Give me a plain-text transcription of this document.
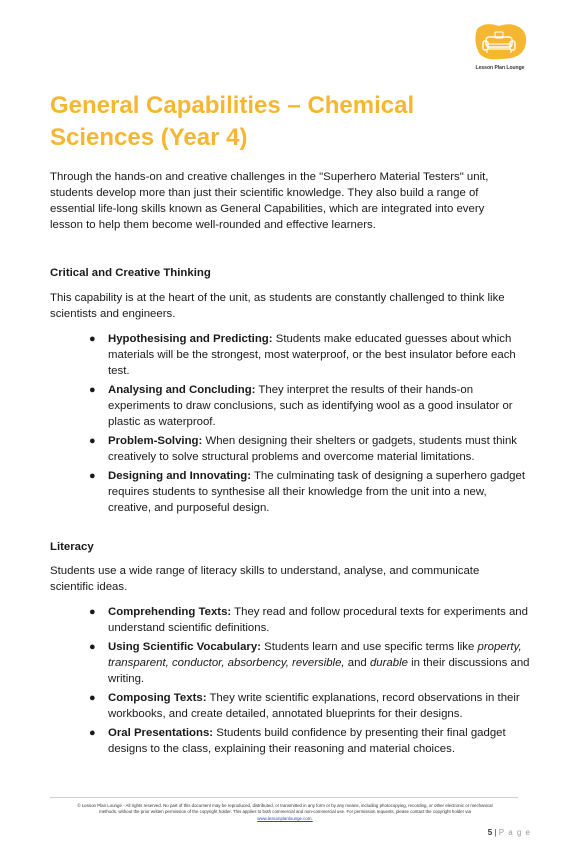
Lesson Plan Lounge
General Capabilities – Chemical Sciences (Year 4)

Through the hands-on and creative challenges in the "Superhero Material Testers" unit, students develop more than just their scientific knowledge. They also build a range of essential life-long skills known as General Capabilities, which are integrated into every lesson to help them become well-rounded and effective learners.

Critical and Creative Thinking

This capability is at the heart of the unit, as students are constantly challenged to think like scientists and engineers.

● Hypothesising and Predicting: Students make educated guesses about which materials will be the strongest, most waterproof, or the best insulator before each test.
● Analysing and Concluding: They interpret the results of their hands-on experiments to draw conclusions, such as identifying wool as a good insulator or plastic as waterproof.
● Problem-Solving: When designing their shelters or gadgets, students must think creatively to solve structural problems and overcome material limitations.
● Designing and Innovating: The culminating task of designing a superhero gadget requires students to synthesise all their knowledge from the unit into a new, creative, and purposeful design.
Literacy

Students use a wide range of literacy skills to understand, analyse, and communicate scientific ideas.

● Comprehending Texts: They read and follow procedural texts for experiments and understand scientific definitions.
● Using Scientific Vocabulary: Students learn and use specific terms like property, transparent, conductor, absorbency, reversible, and durable in their discussions and writing.
● Composing Texts: They write scientific explanations, record observations in their workbooks, and create detailed, annotated blueprints for their designs.
● Oral Presentations: Students build confidence by presenting their final gadget designs to the class, explaining their reasoning and material choices.

© Lesson Plan Lounge - All rights reserved. No part of this document may be reproduced, distributed, or transmitted in any form or by any means, including photocopying, recording, or other electronic or mechanical methods, without the prior written permission of the copyright holder. This applies to both commercial and non-commercial use. For permission requests, please contact the copyright holder via
www.lessonplanlounge.com.

5 | P a g e
